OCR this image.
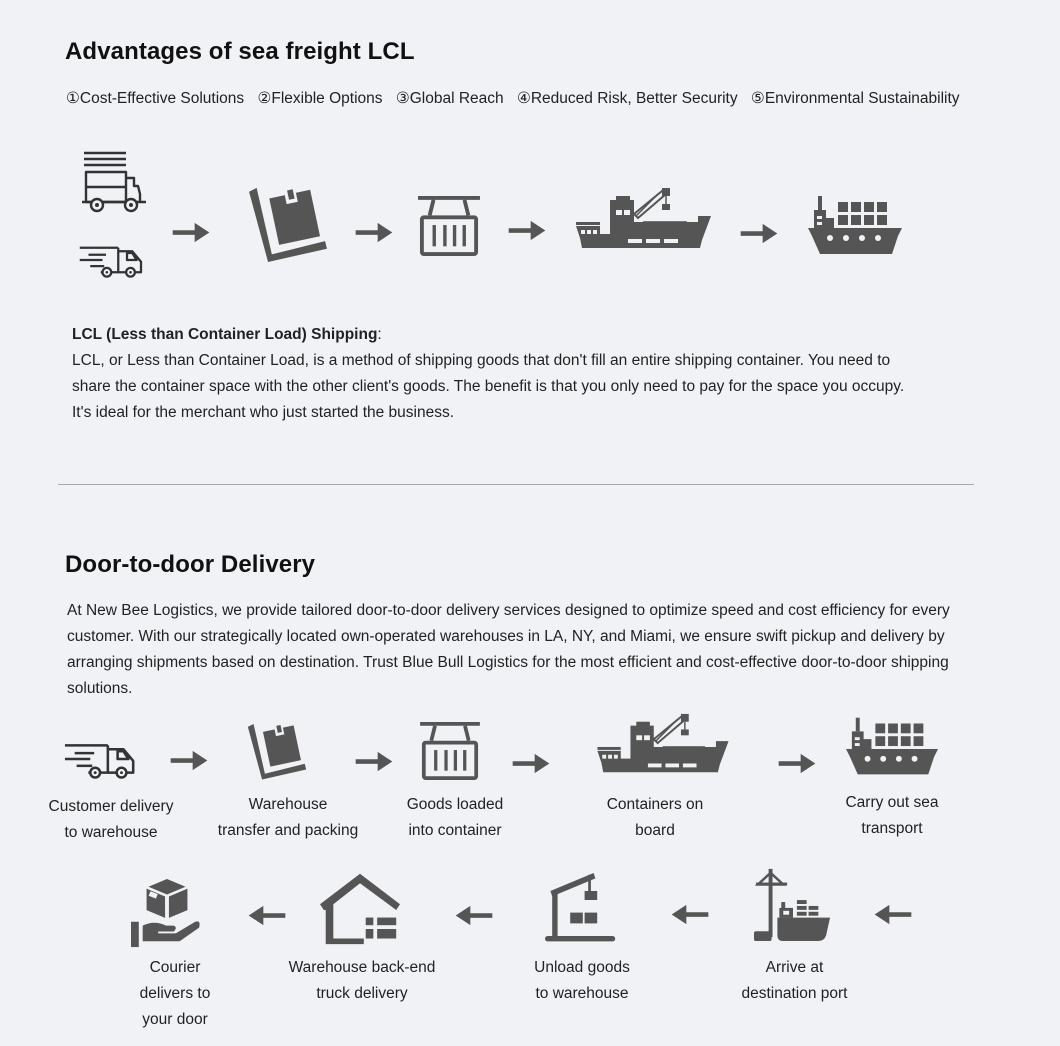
Advantages of sea freight LCL
①Cost-Effective Solutions ②Flexible Options ③Global Reach ④Reduced Risk, Better Security ⑤Environmental Sustainability
LCL (Less than Container Load) Shipping:
LCL, or Less than Container Load, is a method of shipping goods that don't fill an entire shipping container. You need to
share the container space with the other client's goods. The benefit is that you only need to pay for the space you occupy.
It's ideal for the merchant who just started the business.
Door-to-door Delivery
At New Bee Logistics, we provide tailored door-to-door delivery services designed to optimize speed and cost efficiency for every
customer. With our strategically located own-operated warehouses in LA, NY, and Miami, we ensure swift pickup and delivery by
arranging shipments based on destination. Trust Blue Bull Logistics for the most efficient and cost-effective door-to-door shipping
solutions.
Customer delivery
to warehouse
Warehouse
transfer and packing
Goods loaded
into container
Containers on
board
Carry out sea
transport
Arrive at
destination port
Unload goods
to warehouse
Warehouse back-end
truck delivery
Courier
delivers to
your door
